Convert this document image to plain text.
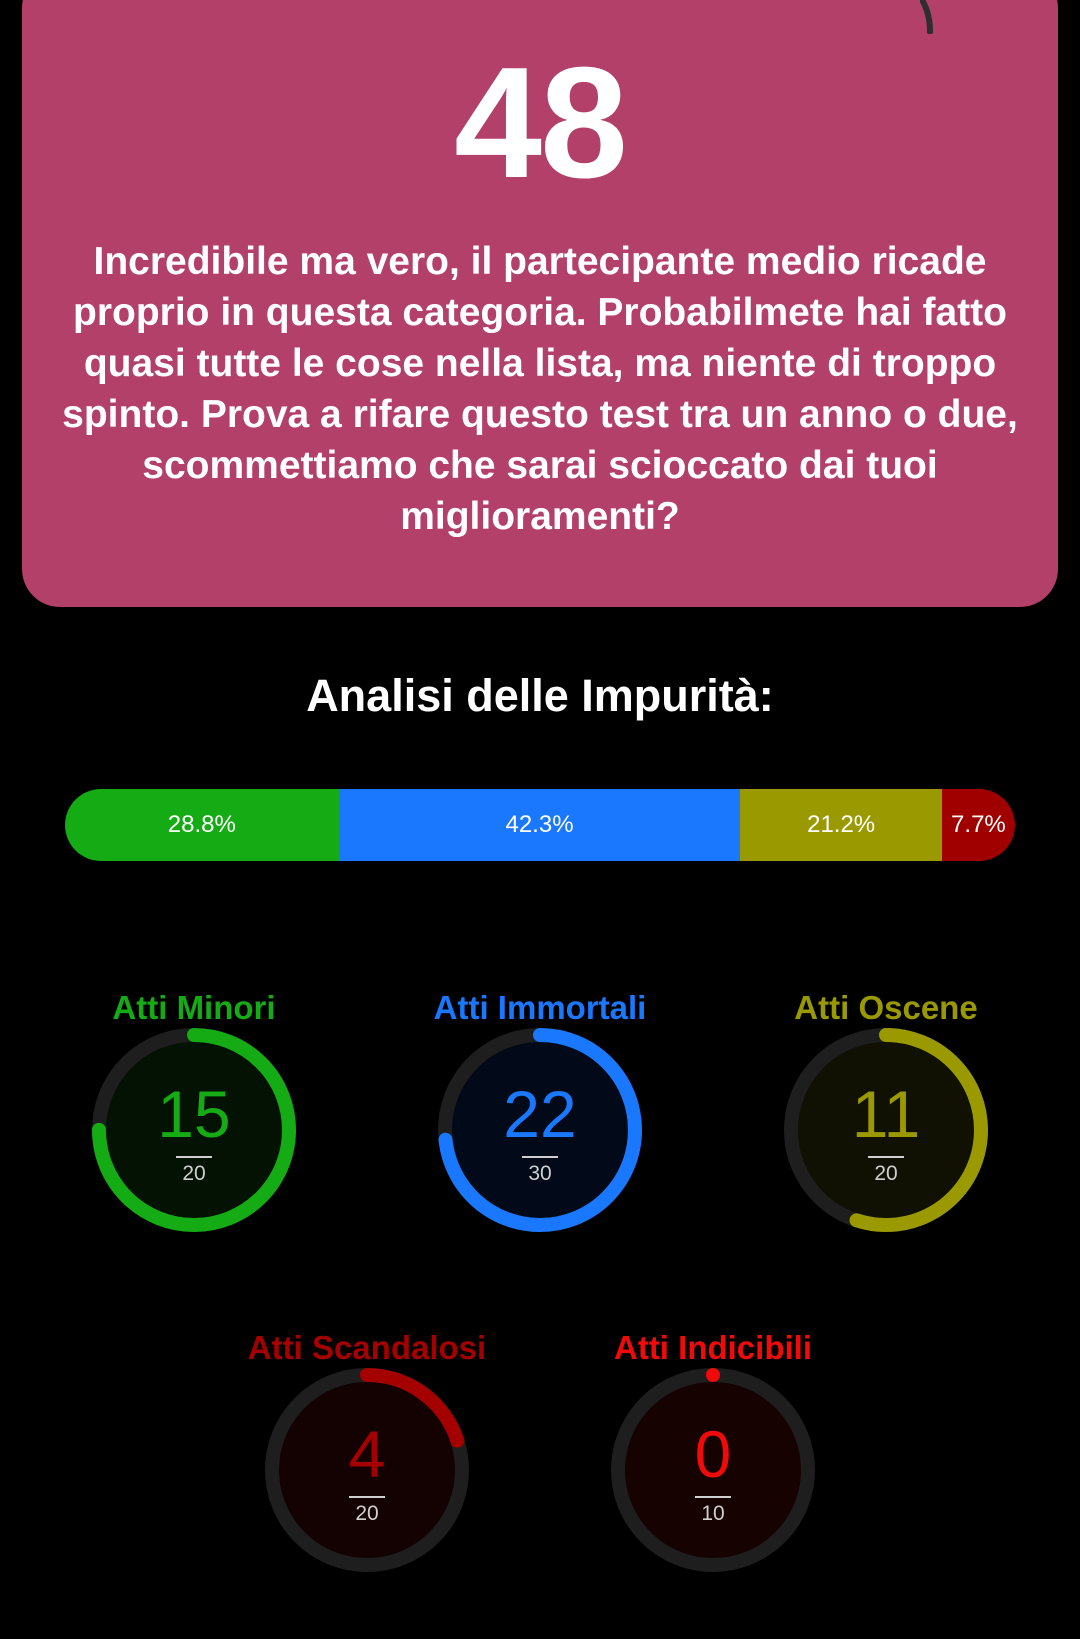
48

Incredibile ma vero, il partecipante medio ricade proprio in questa categoria. Probabilmete hai fatto quasi tutte le cose nella lista, ma niente di troppo spinto. Prova a rifare questo test tra un anno o due, scommettiamo che sarai scioccato dai tuoi miglioramenti?

Analisi delle Impurità:
28.8%	42.3%	21.2%	7.7%
Atti Minori
15
20
Atti Immortali
22
30
Atti Oscene
11
20
Atti Scandalosi
4
20
Atti Indicibili
0
10
